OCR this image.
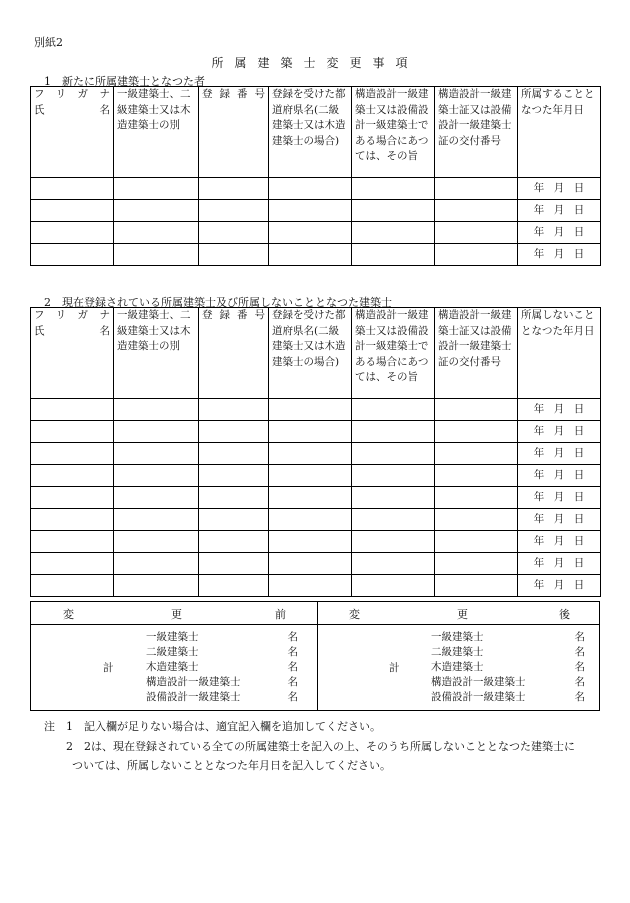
別紙2
所属建築士変更事項
1　新たに所属建築士となつた者
フリガナ
氏名	一級建築士、二級建築士又は木造建築士の別	登録番号	登録を受けた都道府県名(二級建築士又は木造建築士の場合)	構造設計一級建築士又は設備設計一級建築士である場合にあつては、その旨	構造設計一級建築士証又は設備設計一級建築士証の交付番号	所属することとなつた年月日
						年 月 日
						年 月 日
						年 月 日
						年 月 日
2　現在登録されている所属建築士及び所属しないこととなつた建築士
フリガナ
氏名	一級建築士、二級建築士又は木造建築士の別	登録番号	登録を受けた都道府県名(二級建築士又は木造建築士の場合)	構造設計一級建築士又は設備設計一級建築士である場合にあつては、その旨	構造設計一級建築士証又は設備設計一級建築士証の交付番号	所属しないこととなつた年月日
						年 月 日
						年 月 日
						年 月 日
						年 月 日
						年 月 日
						年 月 日
						年 月 日
						年 月 日
						年 月 日
変	更	前	変	更	後
計	計
一級建築士	名
二級建築士	名
木造建築士	名
構造設計一級建築士	名
設備設計一級建築士	名
一級建築士	名
二級建築士	名
木造建築士	名
構造設計一級建築士	名
設備設計一級建築士	名
注　1　記入欄が足りない場合は、適宜記入欄を追加してください。
2　2は、現在登録されている全ての所属建築士を記入の上、そのうち所属しないこととなつた建築士に
ついては、所属しないこととなつた年月日を記入してください。
